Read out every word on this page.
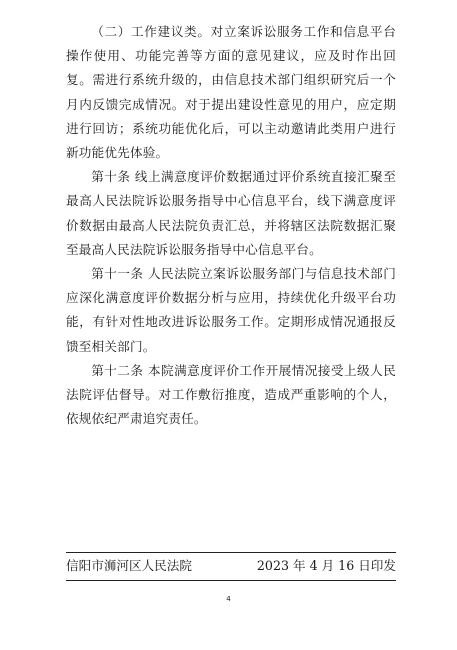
（二）工作建议类。对立案诉讼服务工作和信息平台操作使用、功能完善等方面的意见建议，应及时作出回复。需进行系统升级的，由信息技术部门组织研究后一个月内反馈完成情况。对于提出建设性意见的用户，应定期进行回访；系统功能优化后，可以主动邀请此类用户进行新功能优先体验。

第十条 线上满意度评价数据通过评价系统直接汇聚至最高人民法院诉讼服务指导中心信息平台，线下满意度评价数据由最高人民法院负责汇总，并将辖区法院数据汇聚至最高人民法院诉讼服务指导中心信息平台。

第十一条 人民法院立案诉讼服务部门与信息技术部门应深化满意度评价数据分析与应用，持续优化升级平台功能，有针对性地改进诉讼服务工作。定期形成情况通报反馈至相关部门。

第十二条 本院满意度评价工作开展情况接受上级人民法院评估督导。对工作敷衍推度，造成严重影响的个人，依规依纪严肃追究责任。

信阳市浉河区人民法院	2023 年 4 月 16 日印发
4
